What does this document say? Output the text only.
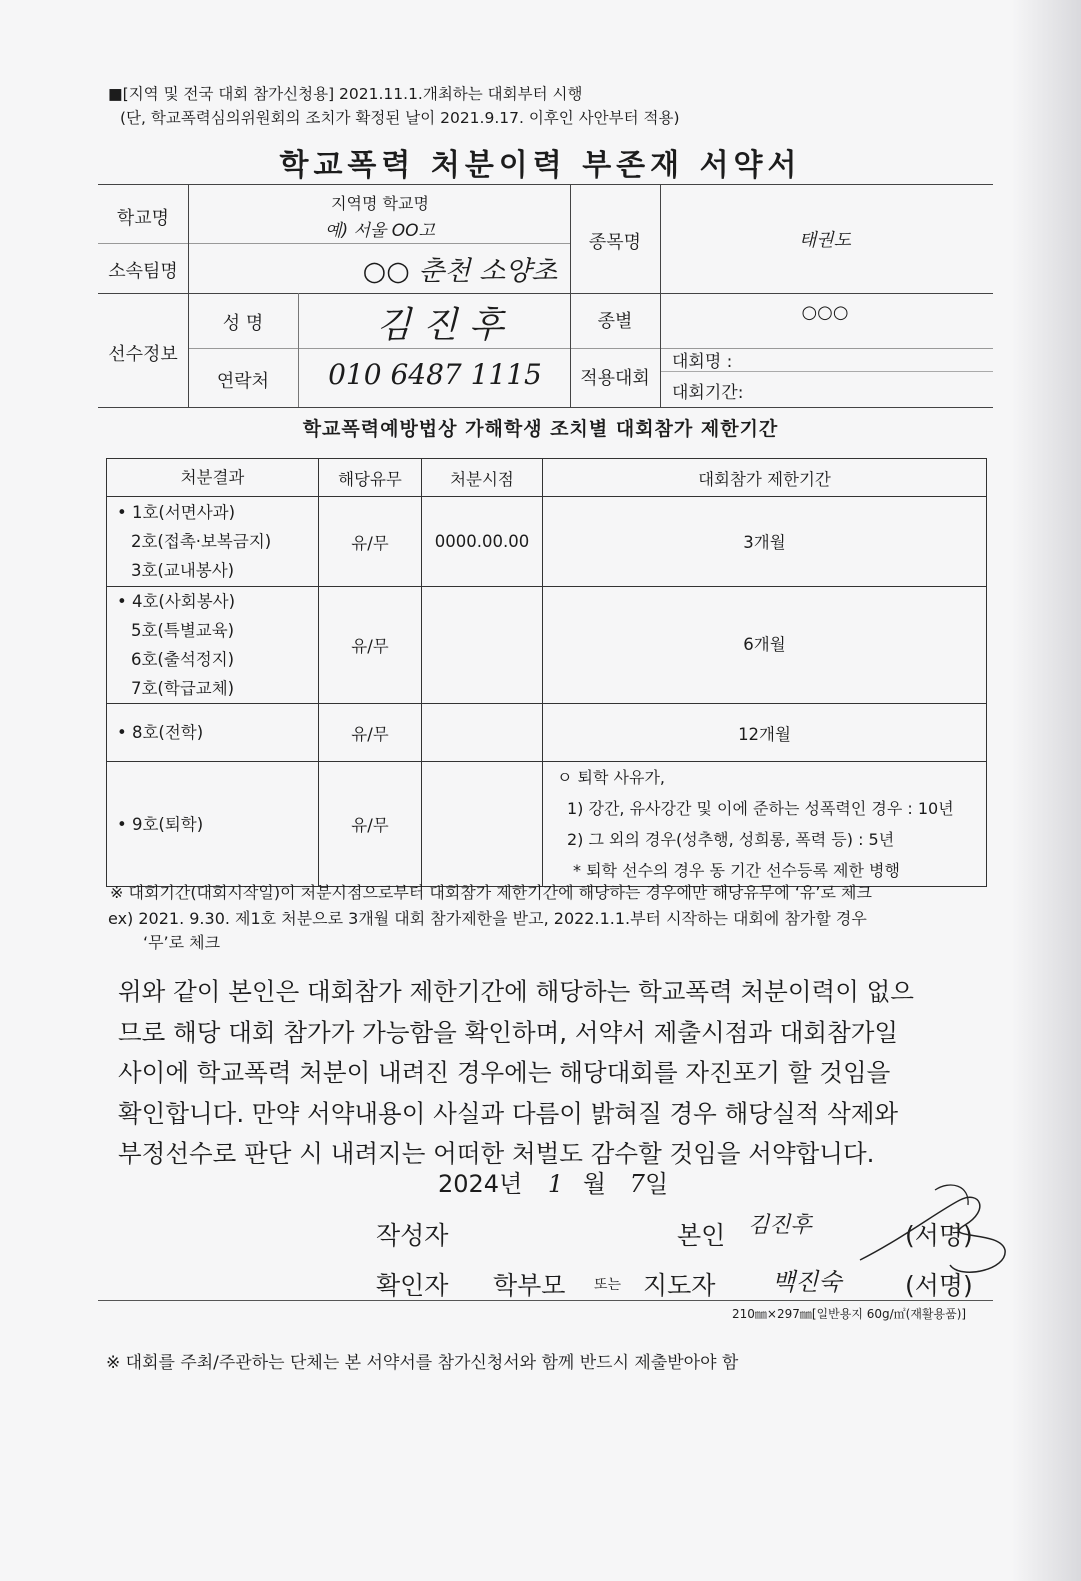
■[지역 및 전국 대회 참가신청용] 2021.11.1.개최하는 대회부터 시행
(단, 학교폭력심의위원회의 조치가 확정된 날이 2021.9.17. 이후인 사안부터 적용)
학교폭력 처분이력 부존재 서약서
학교명
지역명 학교명
예) 서울 OO고
소속팀명	○○ 춘천 소양초
종목명	태권도
선수정보
성 명	김 진 후	종별	○○○
연락처	010 6487 1115	적용대회
대회명 :
대회기간:
학교폭력예방법상 가해학생 조치별 대회참가 제한기간
처분결과	해당유무	처분시점	대회참가 제한기간

• 1호(서면사과)
2호(접촉·보복금지)
3호(교내봉사)	유/무	0000.00.00	3개월

• 4호(사회봉사)
5호(특별교육)
6호(출석정지)
7호(학급교체)	유/무		6개월

• 8호(전학)	유/무		12개월

• 9호(퇴학)	유/무		ㅇ 퇴학 사유가,
1) 강간, 유사강간 및 이에 준하는 성폭력인 경우 : 10년
2) 그 외의 경우(성추행, 성희롱, 폭력 등) : 5년
* 퇴학 선수의 경우 동 기간 선수등록 제한 병행
※ 대회기간(대회시작일)이 처분시점으로부터 대회참가 제한기간에 해당하는 경우에만 해당유무에 ‘유’로 체크
ex) 2021. 9.30. 제1호 처분으로 3개월 대회 참가제한을 받고, 2022.1.1.부터 시작하는 대회에 참가할 경우
‘무’로 체크
위와 같이 본인은 대회참가 제한기간에 해당하는 학교폭력 처분이력이 없으
므로 해당 대회 참가가 가능함을 확인하며, 서약서 제출시점과 대회참가일
사이에 학교폭력 처분이 내려진 경우에는 해당대회를 자진포기 할 것임을
확인합니다. 만약 서약내용이 사실과 다름이 밝혀질 경우 해당실적 삭제와
부정선수로 판단 시 내려지는 어떠한 처벌도 감수할 것임을 서약합니다.
2024년 1 월 7일
작성자	본인 김진후	(서명)
확인자 학부모 또는 지도자 백진숙	(서명)
210㎜×297㎜[일반용지 60g/㎡(재활용품)]
※ 대회를 주최/주관하는 단체는 본 서약서를 참가신청서와 함께 반드시 제출받아야 함
